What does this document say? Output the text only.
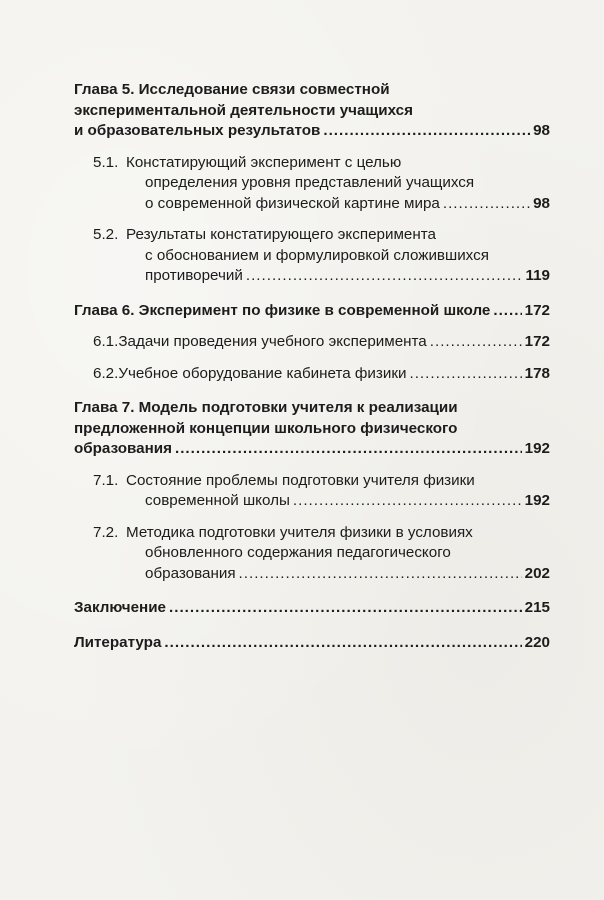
Глава 5. Исследование связи совместной
экспериментальной деятельности учащихся
и образовательных результатов .....	98
5.1. Констатирующий эксперимент с целью
определения уровня представлений учащихся
о современной физической картине мира .....	98
5.2. Результаты констатирующего эксперимента
с обоснованием и формулировкой сложившихся
противоречий .....	119
Глава 6. Эксперимент по физике в современной школе ..... 172
6.1. Задачи проведения учебного эксперимента .....	172
6.2. Учебное оборудование кабинета физики .....	178
Глава 7. Модель подготовки учителя к реализации
предложенной концепции школьного физического
образования .....	192
7.1. Состояние проблемы подготовки учителя физики
современной школы .....	192
7.2. Методика подготовки учителя физики в условиях
обновленного содержания педагогического
образования .....	202
Заключение .....	215
Литература .....	220
